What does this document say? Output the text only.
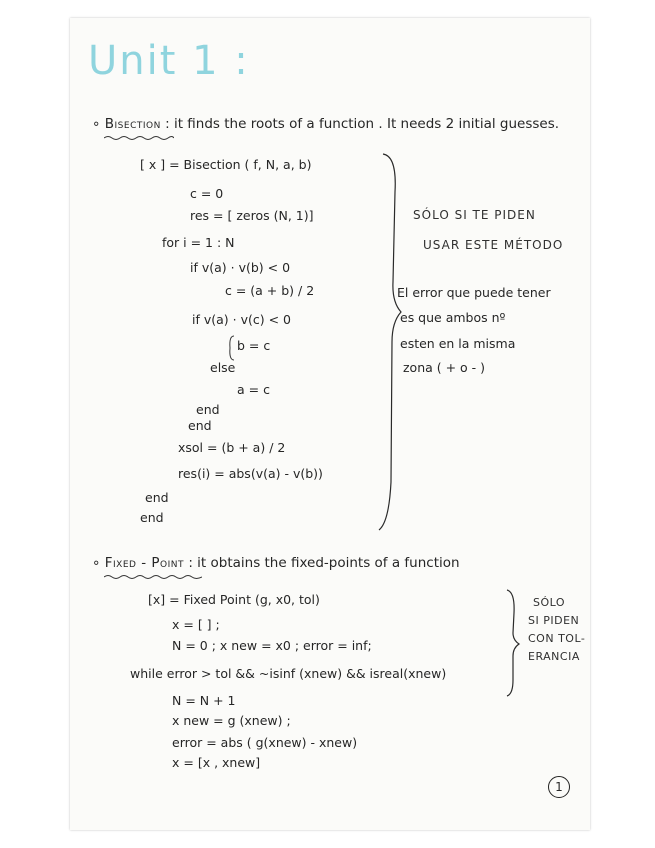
Unit 1 :
∘ Bisection : it finds the roots of a function . It needs 2 initial guesses.
[ x ] = Bisection ( f, N, a, b)
c = 0
res = [ zeros (N, 1)]
for i = 1 : N
if v(a) · v(b) < 0
c = (a + b) / 2
if v(a) · v(c) < 0
b = c
else
a = c
end
end
xsol = (b + a) / 2
res(i) = abs(v(a) - v(b))
end
end
SÓLO SI TE PIDEN
USAR ESTE MÉTODO
El error que puede tener
es que ambos nº
esten en la misma
zona ( + o - )
∘ Fixed - Point : it obtains the fixed-points of a function
[x] = Fixed Point (g, x0, tol)
x = [ ] ;
N = 0 ; x new = x0 ; error = inf;
while error > tol && ~isinf (xnew) && isreal(xnew)
N = N + 1
x new = g (xnew) ;
error = abs ( g(xnew) - xnew)
x = [x , xnew]
SÓLO
SI PIDEN
CON TOL-
ERANCIA
1
